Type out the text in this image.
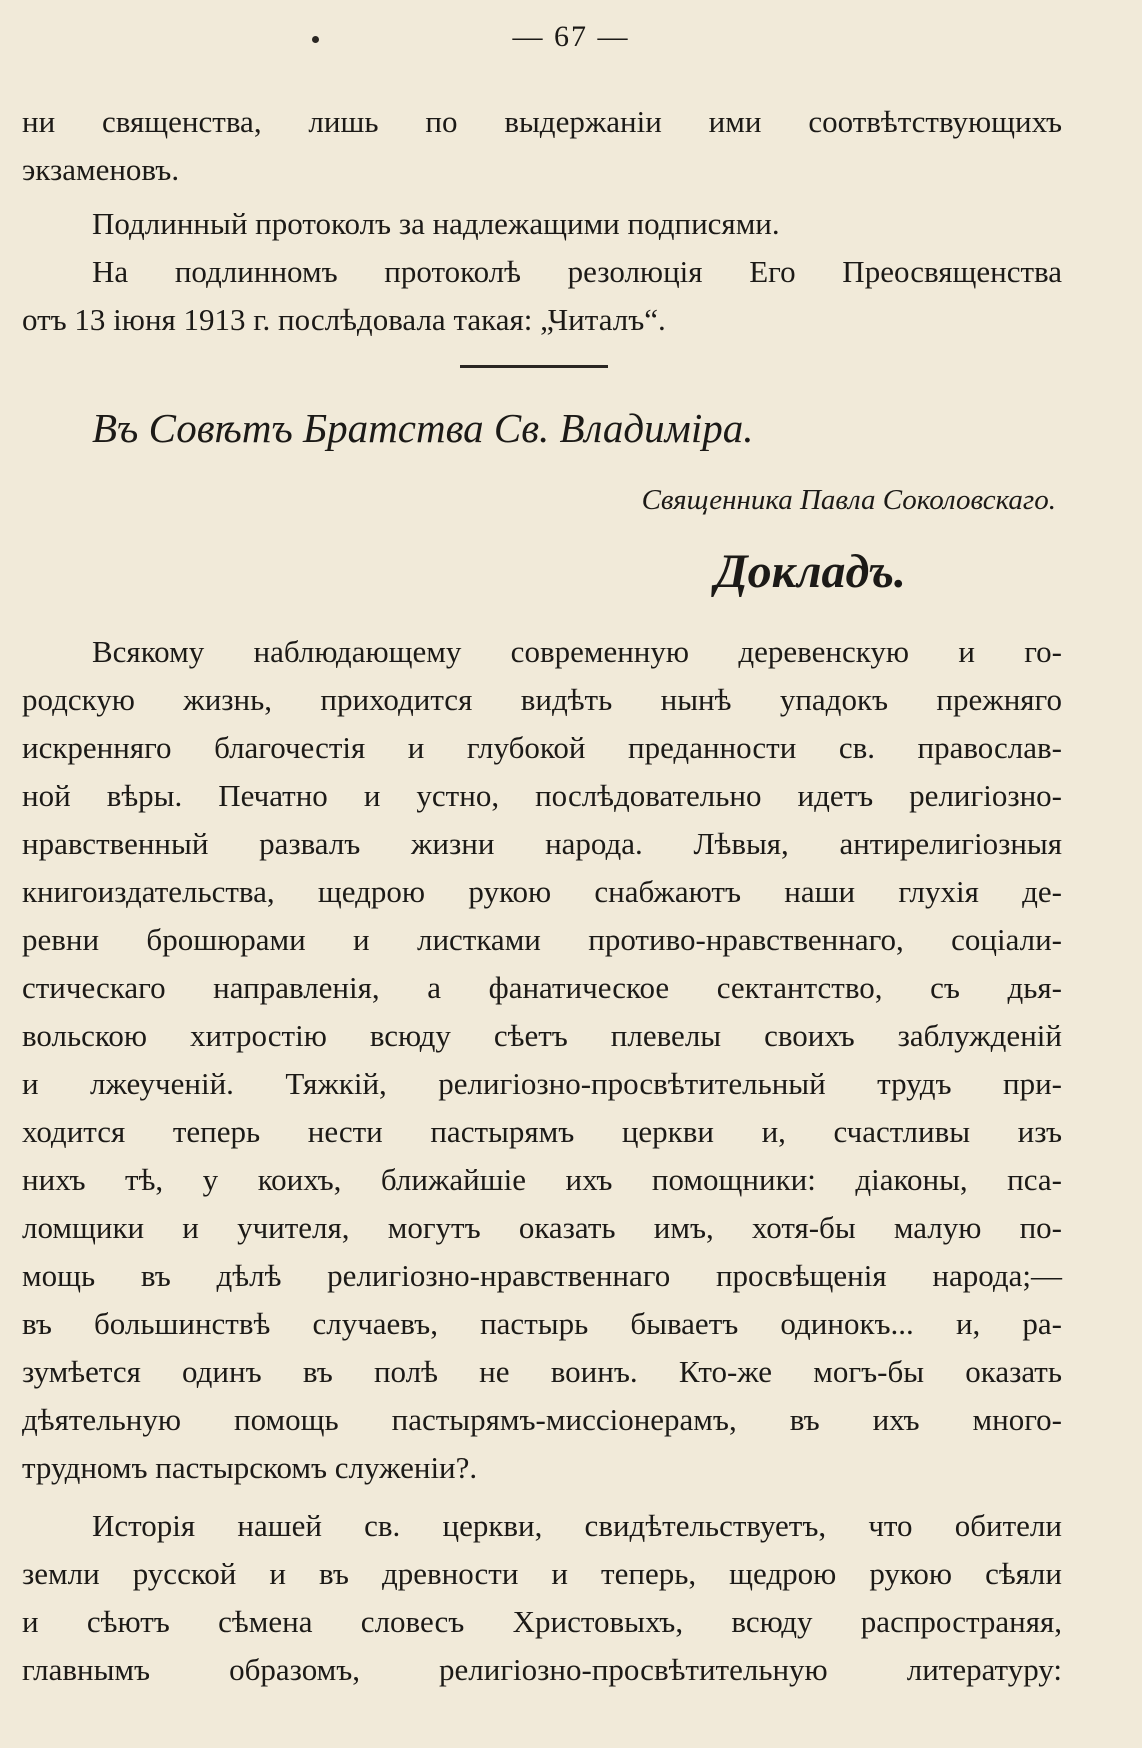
— 67 —
ни священства, лишь по выдержаніи ими соотвѣтствующихъ
экзаменовъ.
Подлинный протоколъ за надлежащими подписями.
На подлинномъ протоколѣ резолюція Его Преосвященства
отъ 13 іюня 1913 г. послѣдовала такая: „Читалъ“.
Въ Совѣтъ Братства Св. Владиміра.
Священника Павла Соколовскаго.
Докладъ.
Всякому наблюдающему современную деревенскую и го-
родскую жизнь, приходится видѣть нынѣ упадокъ прежняго
искренняго благочестія и глубокой преданности св. православ-
ной вѣры. Печатно и устно, послѣдовательно идетъ религіозно-
нравственный развалъ жизни народа. Лѣвыя, антирелигіозныя
книгоиздательства, щедрою рукою снабжаютъ наши глухія де-
ревни брошюрами и листками противо-нравственнаго, соціали-
стическаго направленія, а фанатическое сектантство, съ дья-
вольскою хитростію всюду сѣетъ плевелы своихъ заблужденій
и лжеученій. Тяжкій, религіозно-просвѣтительный трудъ при-
ходится теперь нести пастырямъ церкви и, счастливы изъ
нихъ тѣ, у коихъ, ближайшіе ихъ помощники: діаконы, пса-
ломщики и учителя, могутъ оказать имъ, хотя-бы малую по-
мощь въ дѣлѣ религіозно-нравственнаго просвѣщенія народа;—
въ большинствѣ случаевъ, пастырь бываетъ одинокъ... и, ра-
зумѣется одинъ въ полѣ не воинъ. Кто-же могъ-бы оказать
дѣятельную помощь пастырямъ-миссіонерамъ, въ ихъ много-
трудномъ пастырскомъ служеніи?.
Исторія нашей св. церкви, свидѣтельствуетъ, что обители
земли русской и въ древности и теперь, щедрою рукою сѣяли
и сѣютъ сѣмена словесъ Христовыхъ, всюду распространяя,
главнымъ образомъ, религіозно-просвѣтительную литературу:
